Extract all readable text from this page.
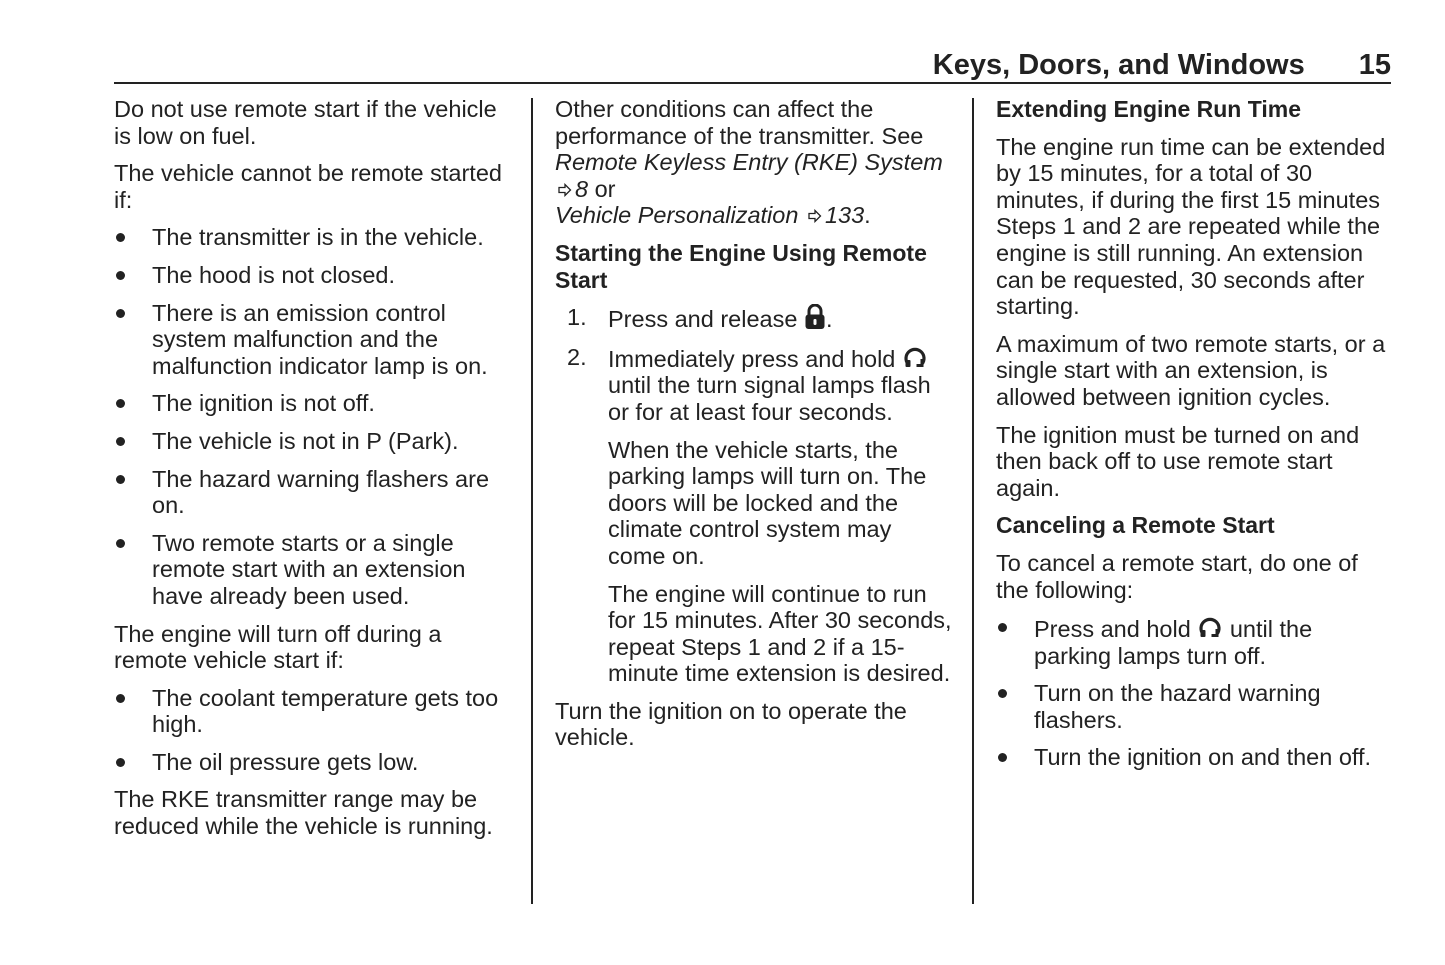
Keys, Doors, and Windows 15

Do not use remote start if the vehicle is low on fuel.

The vehicle cannot be remote started if:

The transmitter is in the vehicle.
The hood is not closed.
There is an emission control system malfunction and the malfunction indicator lamp is on.
The ignition is not off.
The vehicle is not in P (Park).
The hazard warning flashers are on.
Two remote starts or a single remote start with an extension have already been used.

The engine will turn off during a remote vehicle start if:

The coolant temperature gets too high.
The oil pressure gets low.

The RKE transmitter range may be reduced while the vehicle is running.

Other conditions can affect the performance of the transmitter. See
Remote Keyless Entry (RKE) System 8 or
Vehicle Personalization 133.

Starting the Engine Using Remote Start
1. Press and release .
2. Immediately press and hold  until the turn signal lamps flash or for at least four seconds.

When the vehicle starts, the parking lamps will turn on. The doors will be locked and the climate control system may come on.

The engine will continue to run for 15 minutes. After 30 seconds, repeat Steps 1 and 2 if a 15-minute time extension is desired.

Turn the ignition on to operate the vehicle.

Extending Engine Run Time

The engine run time can be extended by 15 minutes, for a total of 30 minutes, if during the first 15 minutes Steps 1 and 2 are repeated while the engine is still running. An extension can be requested, 30 seconds after starting.

A maximum of two remote starts, or a single start with an extension, is allowed between ignition cycles.

The ignition must be turned on and then back off to use remote start again.

Canceling a Remote Start

To cancel a remote start, do one of the following:

Press and hold until the parking lamps turn off.
Turn on the hazard warning flashers.
Turn the ignition on and then off.
